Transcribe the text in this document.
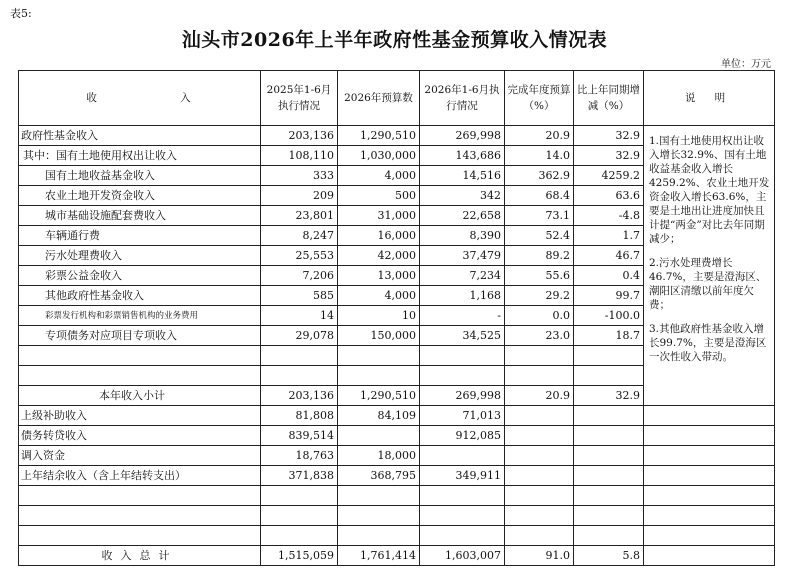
表5:
汕头市2026年上半年政府性基金预算收入情况表
单位：万元
收 入	2025年1-6月执行情况	2026年预算数	2026年1-6月执行情况	完成年度预算（%）	比上年同期增减（%）	说 明
政府性基金收入	203,136	1,290,510	269,998	20.9	32.9	1.国有土地使用权出让收入增长32.9%、国有土地收益基金收入增长4259.2%、农业土地开发资金收入增长63.6%，主要是土地出让进度加快且计提“两金”对比去年同期减少；

2.污水处理费增长46.7%，主要是澄海区、潮阳区清缴以前年度欠费；

3.其他政府性基金收入增长99.7%，主要是澄海区一次性收入带动。

其中：国有土地使用权出让收入	108,110	1,030,000	143,686	14.0	32.9	
国有土地收益基金收入	333	4,000	14,516	362.9	4259.2	
农业土地开发资金收入	209	500	342	68.4	63.6	
城市基础设施配套费收入	23,801	31,000	22,658	73.1	-4.8	
车辆通行费	8,247	16,000	8,390	52.4	1.7	
污水处理费收入	25,553	42,000	37,479	89.2	46.7	
彩票公益金收入	7,206	13,000	7,234	55.6	0.4	
其他政府性基金收入	585	4,000	1,168	29.2	99.7	
彩票发行机构和彩票销售机构的业务费用	14	10	-	0.0	-100.0	
专项债务对应项目专项收入	29,078	150,000	34,525	23.0	18.7	

本年收入小计	203,136	1,290,510	269,998	20.9	32.9	
上级补助收入	81,808	84,109	71,013			
债务转贷收入	839,514		912,085			
调入资金	18,763	18,000				
上年结余收入（含上年结转支出）	371,838	368,795	349,911			

收入总计	1,515,059	1,761,414	1,603,007	91.0	5.8	
